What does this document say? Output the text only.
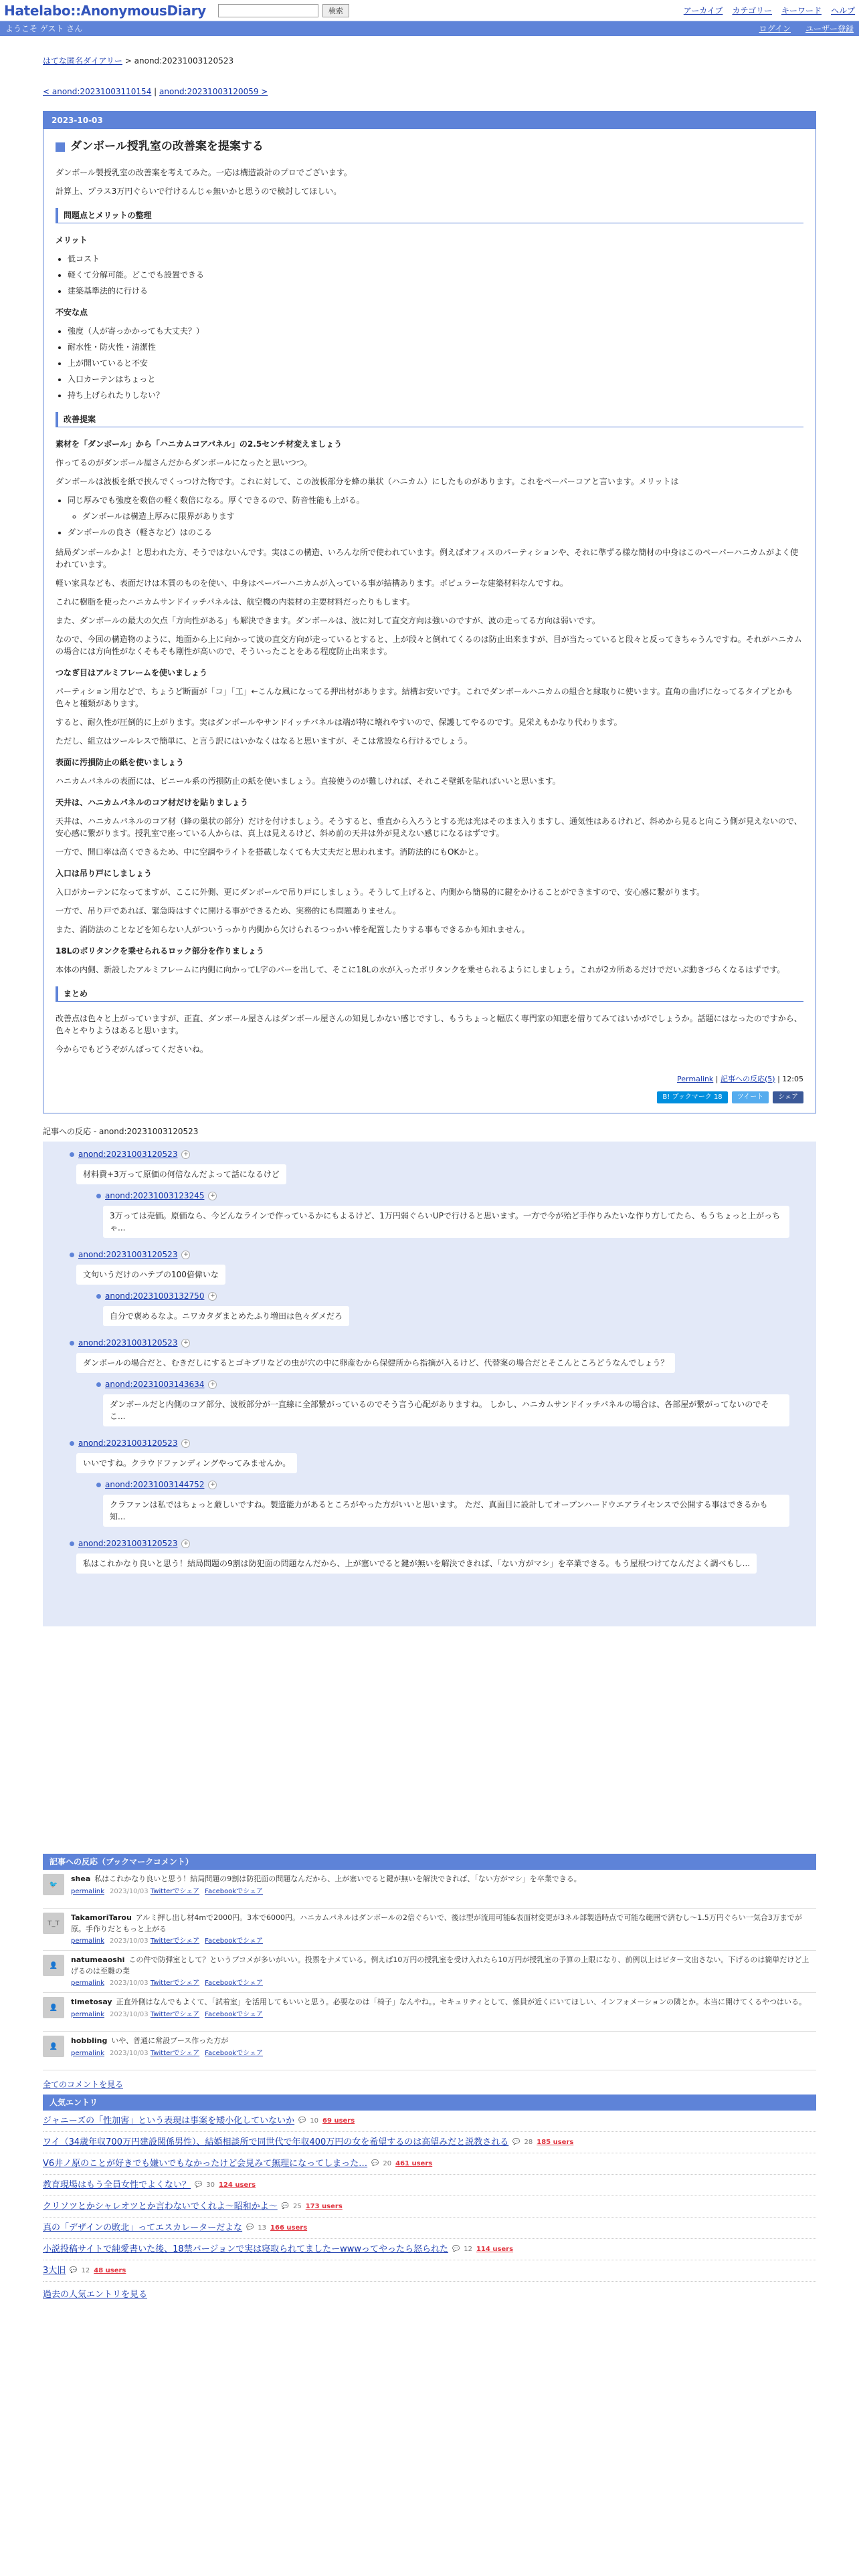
Hatelabo::AnonymousDiary	検索	アーカイブ カテゴリー キーワード ヘルプ
ようこそ ゲスト さん	ログイン ユーザー登録
はてな匿名ダイアリー > anond:20231003120523
< anond:20231003110154 | anond:20231003120059 >
2023-10-03
ダンボール授乳室の改善案を提案する

ダンボール製授乳室の改善案を考えてみた。一応は構造設計のプロでございます。

計算上、プラス3万円ぐらいで行けるんじゃ無いかと思うので検討してほしい。

問題点とメリットの整理
メリット
• 低コスト
• 軽くて分解可能。どこでも設置できる
• 建築基準法的に行ける
不安な点
• 強度（人が寄っかかっても大丈夫？）
• 耐水性・防火性・清潔性
• 上が開いていると不安
• 入口カーテンはちょっと
• 持ち上げられたりしない？
改善提案
素材を「ダンボール」から「ハニカムコアパネル」の2.5センチ材変えましょう

作ってるのがダンボール屋さんだからダンボールになったと思いつつ。

ダンボールは波板を紙で挟んでくっつけた物です。これに対して、この波板部分を蜂の巣状（ハニカム）にしたものがあります。これをペーパーコアと言います。メリットは

• 同じ厚みでも強度を数倍の軽く数倍になる。厚くできるので、防音性能も上がる。
◦ ダンボールは構造上厚みに限界があります
• ダンボールの良さ（軽さなど）はのこる

結局ダンボールかよ！と思われた方、そうではないんです。実はこの構造、いろんな所で使われています。例えばオフィスのパーティションや、それに準ずる様な簡材の中身はこのペーパーハニカムがよく使われています。

軽い家具なども、表面だけは木質のものを使い、中身はペーパーハニカムが入っている事が結構あります。ポピュラーな建築材料なんですね。

これに樹脂を使ったハニカムサンドイッチパネルは、航空機の内装材の主要材料だったりもします。

また、ダンボールの最大の欠点「方向性がある」も解決できます。ダンボールは、波に対して直交方向は強いのですが、波の走ってる方向は弱いです。

なので、今回の構造物のように、地面から上に向かって波の直交方向が走っているとすると、上が段々と倒れてくるのは防止出来ますが、目が当たっていると段々と反ってきちゃうんですね。それがハニカムの場合には方向性がなくそもそも剛性が高いので、そういったことをある程度防止出来ます。

つなぎ目はアルミフレームを使いましょう

パーティション用などで、ちょうど断面が「コ」「工」←こんな風になってる押出材があります。結構お安いです。これでダンボールハニカムの組合と縁取りに使います。直角の曲げになってるタイプとかも色々と種類があります。

すると、耐久性が圧倒的に上がります。実はダンボールやサンドイッチパネルは端が特に壊れやすいので、保護してやるのです。見栄えもかなり代わります。

ただし、組立はツールレスで簡単に、と言う訳にはいかなくはなると思いますが、そこは常設なら行けるでしょう。

表面に汚損防止の紙を使いましょう

ハニカムパネルの表面には、ビニール系の汚損防止の紙を使いましょう。直接使うのが難しければ、それこそ壁紙を貼ればいいと思います。

天井は、ハニカムパネルのコア材だけを貼りましょう

天井は、ハニカムパネルのコア材（蜂の巣状の部分）だけを付けましょう。そうすると、垂直から入ろうとする光は光はそのまま入りますし、通気性はあるけれど、斜めから見ると向こう側が見えないので、安心感に繋がります。授乳室で座っている人からは、真上は見えるけど、斜め前の天井は外が見えない感じになるはずです。

一方で、開口率は高くできるため、中に空調やライトを搭載しなくても大丈夫だと思われます。消防法的にもOKかと。

入口は吊り戸にしましょう

入口がカーテンになってますが、ここに外側、更にダンボールで吊り戸にしましょう。そうして上げると、内側から簡易的に鍵をかけることができますので、安心感に繋がります。

一方で、吊り戸であれば、緊急時はすぐに開ける事ができるため、実務的にも問題ありません。

また、消防法のことなどを知らない人がついうっかり内側から欠けられるつっかい棒を配置したりする事もできるかも知れません。

18Lのポリタンクを乗せられるロック部分を作りましょう

本体の内側、新設したアルミフレームに内側に向かってL字のバーを出して、そこに18Lの水が入ったポリタンクを乗せられるようにしましょう。これが2カ所あるだけでだいぶ動きづらくなるはずです。

まとめ

改善点は色々と上がっていますが、正直、ダンボール屋さんはダンボール屋さんの知見しかない感じですし、もうちょっと幅広く専門家の知恵を借りてみてはいかがでしょうか。話題にはなったのですから、色々とやりようはあると思います。

今からでもどうぞがんばってくださいね。

Permalink | 記事への反応(5) | 12:05
B! ブックマーク 18	ツイート	シェア
記事への反応 - anond:20231003120523
anond:20231003120523 +
材料費+3万って原価の何倍なんだよって話になるけど
anond:20231003123245 +
3万っては売価。原価なら、今どんなラインで作っているかにもよるけど、1万円弱ぐらいUPで行けると思います。一方で今が殆ど手作りみたいな作り方してたら、もうちょっと上がっちゃ...
anond:20231003120523 +
文句いうだけのハテブの100倍偉いな
anond:20231003132750 +
自分で褒めるなよ。ニワカタダまとめたふり増田は色々ダメだろ
anond:20231003120523 +
ダンボールの場合だと、むきだしにするとゴキブリなどの虫が穴の中に卵産むから保健所から指摘が入るけど、代替案の場合だとそこんところどうなんでしょう？
anond:20231003143634 +
ダンボールだと内側のコア部分、波板部分が一直線に全部繋がっているのでそう言う心配がありますね。 しかし、ハニカムサンドイッチパネルの場合は、各部屋が繋がってないのでそこ...
anond:20231003120523 +
いいですね。クラウドファンディングやってみませんか。
anond:20231003144752 +
クラファンは私ではちょっと厳しいですね。製造能力があるところがやった方がいいと思います。 ただ、真面目に設計してオープンハードウエアライセンスで公開する事はできるかも知...
anond:20231003120523 +
私はこれかなり良いと思う！結局問題の9割は防犯面の問題なんだから、上が塞いでると鍵が無いを解決できれば、「ない方がマシ」を卒業できる。もう屋根つけてなんだよく調べもし...
記事への反応（ブックマークコメント）
🐦
shea 私はこれかなり良いと思う！結局問題の9割は防犯面の問題なんだから、上が塞いでると鍵が無いを解決できれば、「ない方がマシ」を卒業できる。
permalink 2023/10/03 Twitterでシェア Facebookでシェア
T_T
TakamoriTarou アルミ押し出し材4mで2000円。3本で6000円。ハニカムパネルはダンボールの2倍ぐらいで、後は型が流用可能&表面材変更が3ネル部製造時点で可能な範囲で済むし〜1.5万円ぐらい一気合3万までが原。手作りだともっと上がる
permalink 2023/10/03 Twitterでシェア Facebookでシェア
👤
natumeaoshi この件で防弾室として？というブコメが多いがいい。投票をナメている。例えば10万円の授乳室を受け入れたら10万円が授乳室の予算の上限になり、前例以上はビター文出さない。下げるのは簡単だけど上げるのは至難の業
permalink 2023/10/03 Twitterでシェア Facebookでシェア
👤
timetosay 正直外側はなんでもよくて、「試着室」を活用してもいいと思う。必要なのは「椅子」なんやね。。セキュリティとして、係員が近くにいてほしい、インフォメーションの隣とか。本当に開けてくるやつはいる。
permalink 2023/10/03 Twitterでシェア Facebookでシェア
👤
hobbling いや、普通に常設ブース作った方が
permalink 2023/10/03 Twitterでシェア Facebookでシェア
全てのコメントを見る
人気エントリ
ジャニーズの「性加害」という表現は事案を矮小化していないか 💬 10 69 users
ワイ（34歳年収700万円建設関係男性）、結婚相談所で同世代で年収400万円の女を希望するのは高望みだと説教される 💬 28 185 users
V6井ノ原のことが好きでも嫌いでもなかったけど会見みて無理になってしまった… 💬 20 461 users
教育現場はもう全員女性でよくない？ 💬 30 124 users
クリソツとかシャレオツとか言わないでくれよ〜昭和かよ〜 💬 25 173 users
真の「デザインの敗北」ってエスカレーターだよな 💬 13 166 users
小説投稿サイトで純愛書いた後、18禁バージョンで実は寝取られてましたーwwwってやったら怒られた 💬 12 114 users
3大旧 💬 12 48 users
過去の人気エントリを見る
